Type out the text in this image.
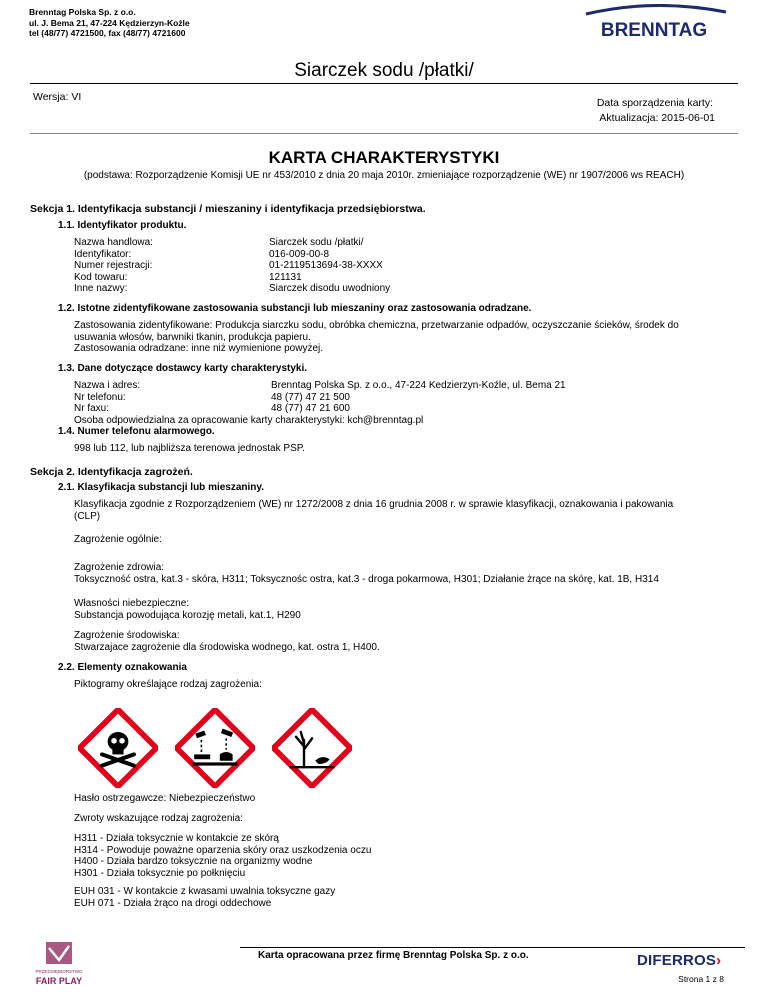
Brenntag Polska Sp. z o.o.
ul. J. Bema 21, 47-224 Kędzierzyn-Koźle
tel (48/77) 4721500, fax (48/77) 4721600	BRENNTAG
Siarczek sodu /płatki/
Wersja: VI	Data sporządzenia karty:
Aktualizacja: 2015-06-01
KARTA CHARAKTERYSTYKI
(podstawa: Rozporządzenie Komisji UE nr 453/2010 z dnia 20 maja 2010r. zmieniające rozporządzenie (WE) nr 1907/2006 ws REACH)
Sekcja 1. Identyfikacja substancji / mieszaniny i identyfikacja przedsiębiorstwa.
1.1. Identyfikator produktu.
Nazwa handlowa:	Siarczek sodu /płatki/
Identyfikator:	016-009-00-8
Numer rejestracji:	01-2119513694-38-XXXX
Kod towaru:	121131
Inne nazwy:	Siarczek disodu uwodniony
1.2. Istotne zidentyfikowane zastosowania substancji lub mieszaniny oraz zastosowania odradzane.
Zastosowania zidentyfikowane: Produkcja siarczku sodu, obróbka chemiczna, przetwarzanie odpadów, oczyszczanie ścieków, środek do
usuwania włosów, barwniki tkanin, produkcja papieru.
Zastosowania odradzane: inne niż wymienione powyżej.
1.3. Dane dotyczące dostawcy karty charakterystyki.
Nazwa i adres:	Brenntag Polska Sp. z o.o., 47-224 Kedzierzyn-Koźle, ul. Bema 21
Nr telefonu:	48 (77) 47 21 500
Nr faxu:	48 (77) 47 21 600
Osoba odpowiedzialna za opracowanie karty charakterystyki: kch@brenntag.pl
1.4. Numer telefonu alarmowego.
998 lub 112, lub najbliższa terenowa jednostak PSP.
Sekcja 2. Identyfikacja zagrożeń.
2.1. Klasyfikacja substancji lub mieszaniny.
Klasyfikacja zgodnie z Rozporządzeniem (WE) nr 1272/2008 z dnia 16 grudnia 2008 r. w sprawie klasyfikacji, oznakowania i pakowania
(CLP)
Zagrożenie ogólnie:
Zagrożenie zdrowia:
Toksyczność ostra, kat.3 - skóra, H311; Toksycznośc ostra, kat.3 - droga pokarmowa, H301; Działanie żrące na skórę, kat. 1B, H314
Własności niebezpieczne:
Substancja powodująca korozję metali, kat.1, H290
Zagrożenie środowiska:
Stwarzajace zagrożenie dla środowiska wodnego, kat. ostra 1, H400.
2.2. Elementy oznakowania
Piktogramy określające rodzaj zagrożenia:
Hasło ostrzegawcze: Niebezpieczeństwo
Zwroty wskazujące rodzaj zagrożenia:
H311 - Działa toksycznie w kontakcie ze skórą
H314 - Powoduje poważne oparzenia skóry oraz uszkodzenia oczu
H400 - Działa bardzo toksycznie na organizmy wodne
H301 - Działa toksycznie po połknięciu
EUH 031 - W kontakcie z kwasami uwalnia toksyczne gazy
EUH 071 - Działa żrąco na drogi oddechowe
PRZEDSIĘBIORSTWO
FAIR PLAY
Karta opracowana przez firmę Brenntag Polska Sp. z o.o.	DIFERROS›
Strona 1 z 8
